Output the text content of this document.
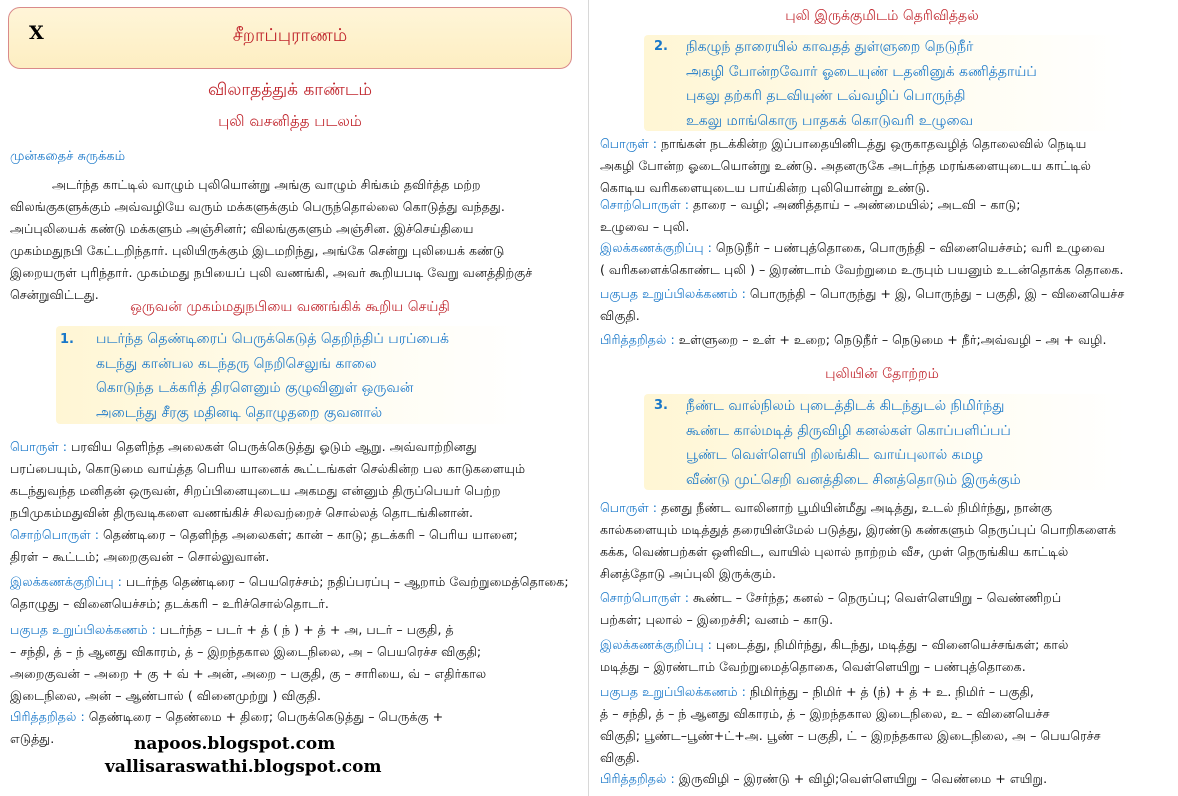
X	சீறாப்புராணம்
விலாதத்துக் காண்டம்
புலி வசனித்த படலம்
முன்கதைச் சுருக்கம்

அடர்ந்த காட்டில் வாழும் புலியொன்று அங்கு வாழும் சிங்கம் தவிர்த்த மற்ற

விலங்குகளுக்கும் அவ்வழியே வரும் மக்களுக்கும் பெருந்தொல்லை கொடுத்து வந்தது.

அப்புலியைக் கண்டு மக்களும் அஞ்சினர்; விலங்குகளும் அஞ்சின. இச்செய்தியை

முகம்மதுநபி கேட்டறிந்தார். புலியிருக்கும் இடமறிந்து, அங்கே சென்று புலியைக் கண்டு

இறையருள் புரிந்தார். முகம்மது நபியைப் புலி வணங்கி, அவர் கூறியபடி வேறு வனத்திற்குச்

சென்றுவிட்டது.

ஒருவன் முகம்மதுநபியை வணங்கிக் கூறிய செய்தி
1. படர்ந்த தெண்டிரைப் பெருக்கெடுத் தெறிந்திப் பரப்பைக்
கடந்து கான்பல கடந்தரு நெறிசெலுங் காலை
கொடுந்த டக்கரித் திரளெனும் குழுவினுள் ஒருவன்
அடைந்து சீரகு மதினடி தொழுதறை குவனால்

பொருள் : பரவிய தெளிந்த அலைகள் பெருக்கெடுத்து ஓடும் ஆறு. அவ்வாற்றினது

பரப்பையும், கொடுமை வாய்த்த பெரிய யானைக் கூட்டங்கள் செல்கின்ற பல காடுகளையும்

கடந்துவந்த மனிதன் ஒருவன், சிறப்பினையுடைய அகமது என்னும் திருப்பெயர் பெற்ற

நபிமுகம்மதுவின் திருவடிகளை வணங்கிச் சிலவற்றைச் சொல்லத் தொடங்கினான்.

சொற்பொருள் : தெண்டிரை – தெளிந்த அலைகள்; கான் – காடு; தடக்கரி – பெரிய யானை;

திரள் – கூட்டம்; அறைகுவன் – சொல்லுவான்.

இலக்கணக்குறிப்பு : படர்ந்த தெண்டிரை – பெயரெச்சம்; நதிப்பரப்பு – ஆறாம் வேற்றுமைத்தொகை;

தொழுது – வினையெச்சம்; தடக்கரி – உரிச்சொல்தொடர்.

பகுபத உறுப்பிலக்கணம் : படர்ந்த – படர் + த் ( ந் ) + த் + அ, படர் – பகுதி, த்

– சந்தி, த் – ந் ஆனது விகாரம், த் – இறந்தகால இடைநிலை, அ – பெயரெச்ச விகுதி;

அறைகுவன் – அறை + கு + வ் + அன், அறை – பகுதி, கு – சாரியை, வ் – எதிர்கால

இடைநிலை, அன் – ஆண்பால் ( வினைமுற்று ) விகுதி.

பிரித்தறிதல் : தெண்டிரை – தெண்மை + திரை; பெருக்கெடுத்து – பெருக்கு +

எடுத்து.	napoos.blogspot.com
vallisaraswathi.blogspot.com
புலி இருக்குமிடம் தெரிவித்தல்
2. நிகழுந் தாரையில் காவதத் துள்ளுறை நெடுநீர்
அகழி போன்றவோர் ஓடையுண் டதனினுக் கணித்தாய்ப்
புகலு தற்கரி தடவியுண் டவ்வழிப் பொருந்தி
உகலு மாங்கொரு பாதகக் கொடுவரி உழுவை

பொருள் : நாங்கள் நடக்கின்ற இப்பாதையினிடத்து ஒருகாதவழித் தொலைவில் நெடிய

அகழி போன்ற ஓடையொன்று உண்டு. அதனருகே அடர்ந்த மரங்களையுடைய காட்டில்

கொடிய வரிகளையுடைய பாய்கின்ற புலியொன்று உண்டு.

சொற்பொருள் : தாரை – வழி; அணித்தாய் – அண்மையில்; அடவி – காடு;

உழுவை – புலி.

இலக்கணக்குறிப்பு : நெடுநீர் – பண்புத்தொகை, பொருந்தி – வினையெச்சம்; வரி உழுவை

( வரிகளைக்கொண்ட புலி ) – இரண்டாம் வேற்றுமை உருபும் பயனும் உடன்தொக்க தொகை.

பகுபத உறுப்பிலக்கணம் : பொருந்தி – பொருந்து + இ, பொருந்து – பகுதி, இ – வினையெச்ச

விகுதி.

பிரித்தறிதல் : உள்ளுறை – உள் + உறை; நெடுநீர் – நெடுமை + நீர்;அவ்வழி – அ + வழி.

புலியின் தோற்றம்
3. நீண்ட வால்நிலம் புடைத்திடக் கிடந்துடல் நிமிர்ந்து
கூண்ட கால்மடித் திருவிழி கனல்கள் கொப்பளிப்பப்
பூண்ட வெள்ளெயி றிலங்கிட வாய்புலால் கமழ
வீண்டு முட்செறி வனத்திடை சினத்தொடும் இருக்கும்

பொருள் : தனது நீண்ட வாலினாற் பூமியின்மீது அடித்து, உடல் நிமிர்ந்து, நான்கு

கால்களையும் மடித்துத் தரையின்மேல் படுத்து, இரண்டு கண்களும் நெருப்புப் பொறிகளைக்

கக்க, வெண்பற்கள் ஒளிவிட, வாயில் புலால் நாற்றம் வீச, முள் நெருங்கிய காட்டில்

சினத்தோடு அப்புலி இருக்கும்.

சொற்பொருள் : கூண்ட – சேர்ந்த; கனல் – நெருப்பு; வெள்ளெயிறு – வெண்ணிறப்

பற்கள்; புலால் – இறைச்சி; வனம் – காடு.

இலக்கணக்குறிப்பு : புடைத்து, நிமிர்ந்து, கிடந்து, மடித்து – வினையெச்சங்கள்; கால்

மடித்து – இரண்டாம் வேற்றுமைத்தொகை, வெள்ளெயிறு – பண்புத்தொகை.

பகுபத உறுப்பிலக்கணம் : நிமிர்ந்து – நிமிர் + த் (ந்) + த் + உ. நிமிர் – பகுதி,

த் – சந்தி, த் – ந் ஆனது விகாரம், த் – இறந்தகால இடைநிலை, உ – வினையெச்ச

விகுதி; பூண்ட–பூண்+ட்+அ. பூண் – பகுதி, ட் – இறந்தகால இடைநிலை, அ – பெயரெச்ச

விகுதி.

பிரித்தறிதல் : இருவிழி – இரண்டு + விழி;வெள்ளெயிறு – வெண்மை + எயிறு.
